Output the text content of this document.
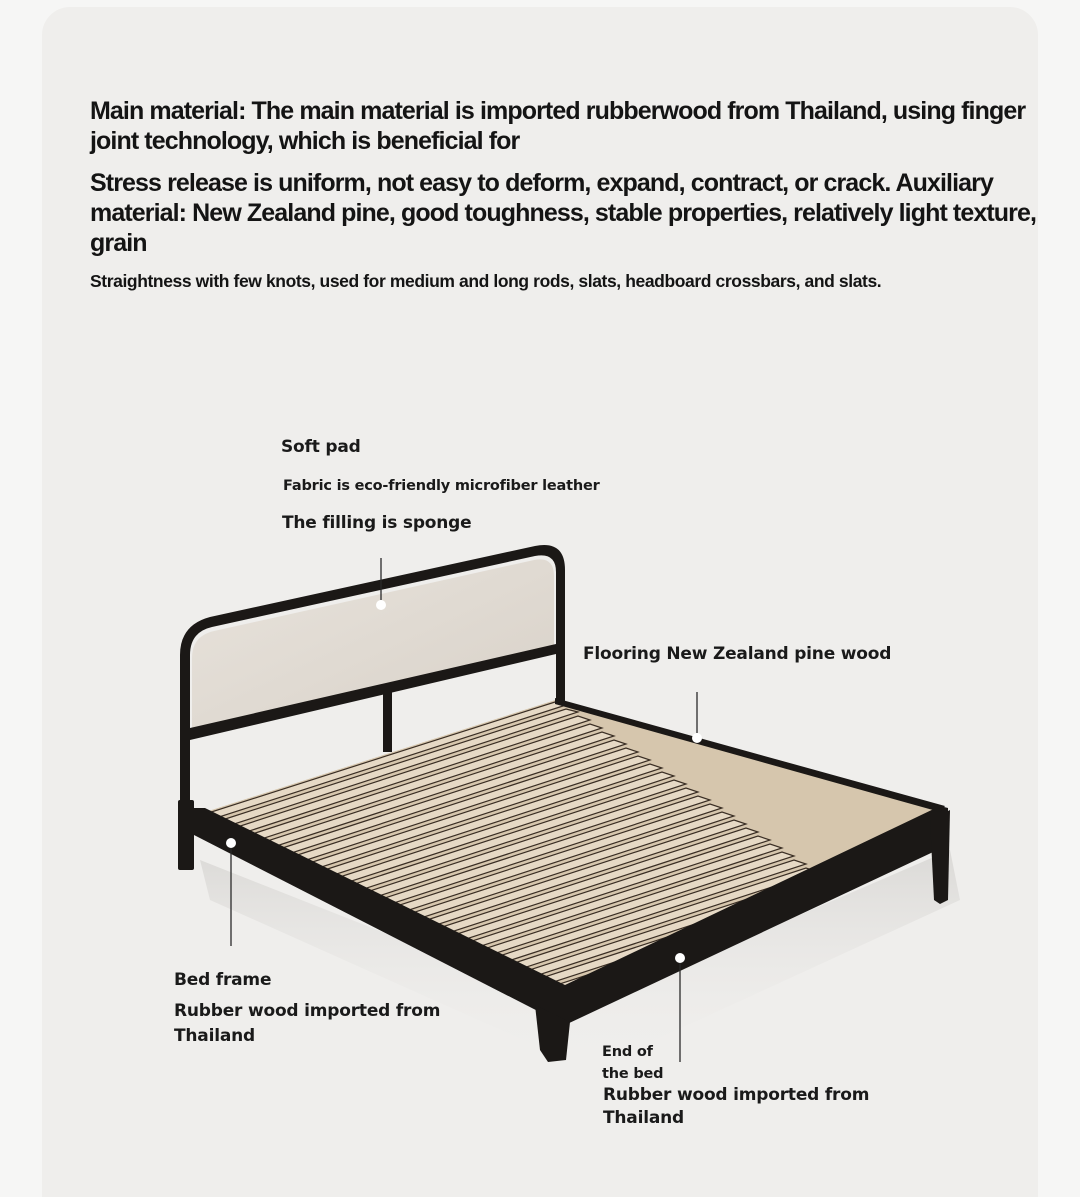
Main material: The main material is imported rubberwood from Thailand, using finger joint technology, which is beneficial for

Stress release is uniform, not easy to deform, expand, contract, or crack. Auxiliary material: New Zealand pine, good toughness, stable properties, relatively light texture, grain

Straightness with few knots, used for medium and long rods, slats, headboard crossbars, and slats.

Soft pad
Fabric is eco-friendly microfiber leather
The filling is sponge
Flooring New Zealand pine wood
Bed frame
Rubber wood imported from
Thailand
End of
the bed
Rubber wood imported from
Thailand
